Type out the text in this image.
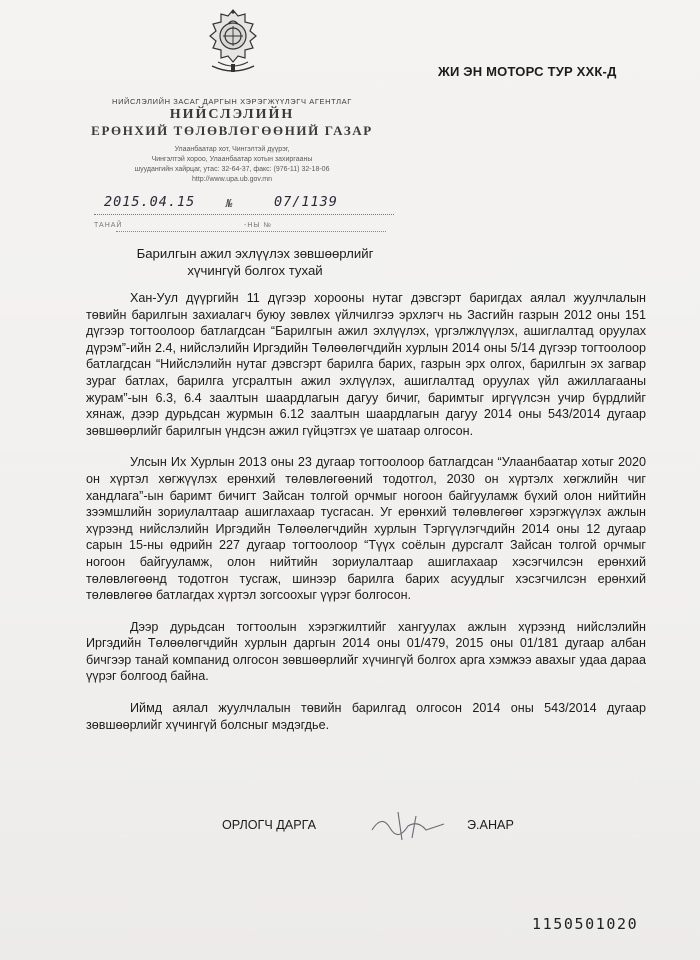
ЖИ ЭН МОТОРС ТУР ХХК-Д
НИЙСЛЭЛИЙН ЗАСАГ ДАРГЫН ХЭРЭГЖҮҮЛЭГЧ АГЕНТЛАГ
НИЙСЛЭЛИЙН
ЕРӨНХИЙ ТӨЛӨВЛӨГӨӨНИЙ ГАЗАР
Улаанбаатар хот, Чингэлтэй дүүрэг,
Чингэлтэй хороо, Улаанбаатар хотын захиргааны
шуудангийн хайрцаг, утас: 32-64-37, факс: (976-11) 32-18-06
http://www.upa.ub.gov.mn
2015.04.15	№	07/1139
ТАНАЙ	-НЫ №
Барилгын ажил эхлүүлэх зөвшөөрлийг
хүчингүй болгох тухай

Хан-Уул дүүргийн 11 дүгээр хорооны нутаг дэвсгэрт баригдах аялал жуулчлалын төвийн барилгын захиалагч буюу зөвлөх үйлчилгээ эрхлэгч нь Засгийн газрын 2012 оны 151 дүгээр тогтоолоор батлагдсан “Барилгын ажил эхлүүлэх, үргэлжлүүлэх, ашиглалтад оруулах дүрэм”-ийн 2.4, нийслэлийн Иргэдийн Төлөөлөгчдийн хурлын 2014 оны 5/14 дүгээр тогтоолоор батлагдсан “Нийслэлийн нутаг дэвсгэрт барилга барих, газрын эрх олгох, барилгын эх загвар зураг батлах, барилга угсралтын ажил эхлүүлэх, ашиглалтад оруулах үйл ажиллагааны журам”-ын 6.3, 6.4 заалтын шаардлагын дагуу бичиг, баримтыг иргүүлсэн учир бүрдлийг хянаж, дээр дурьдсан журмын 6.12 заалтын шаардлагын дагуу 2014 оны 543/2014 дугаар зөвшөөрлийг барилгын үндсэн ажил гүйцэтгэх үе шатаар олгосон.

Улсын Их Хурлын 2013 оны 23 дугаар тогтоолоор батлагдсан “Улаанбаатар хотыг 2020 он хүртэл хөгжүүлэх ерөнхий төлөвлөгөөний тодотгол, 2030 он хүртэлх хөгжлийн чиг хандлага”-ын баримт бичигт Зайсан толгой орчмыг ногоон байгууламж бүхий олон нийтийн зээмшлийн зориулалтаар ашиглахаар тусгасан. Уг ерөнхий төлөвлөгөөг хэрэгжүүлэх ажлын хүрээнд нийслэлийн Иргэдийн Төлөөлөгчдийн хурлын Тэргүүлэгчдийн 2014 оны 12 дугаар сарын 15-ны өдрийн 227 дугаар тогтоолоор “Түүх соёлын дурсгалт Зайсан толгой орчмыг ногоон байгууламж, олон нийтийн зориулалтаар ашиглахаар хэсэгчилсэн ерөнхий төлөвлөгөөнд тодотгон тусгаж, шинээр барилга барих асуудлыг хэсэгчилсэн ерөнхий төлөвлөгөө батлагдах хүртэл зогсоохыг үүрэг болгосон.

Дээр дурьдсан тогтоолын хэрэгжилтийг хангуулах ажлын хүрээнд нийслэлийн Иргэдийн Төлөөлөгчдийн хурлын даргын 2014 оны 01/479, 2015 оны 01/181 дугаар албан бичгээр танай компанид олгосон зөвшөөрлийг хүчингүй болгох арга хэмжээ авахыг удаа дараа үүрэг болгоод байна.

Иймд аялал жуулчлалын төвийн барилгад олгосон 2014 оны 543/2014 дугаар зөвшөөрлийг хүчингүй болсныг мэдэгдье.

ОРЛОГЧ ДАРГА	Э.АНАР
1150501020
